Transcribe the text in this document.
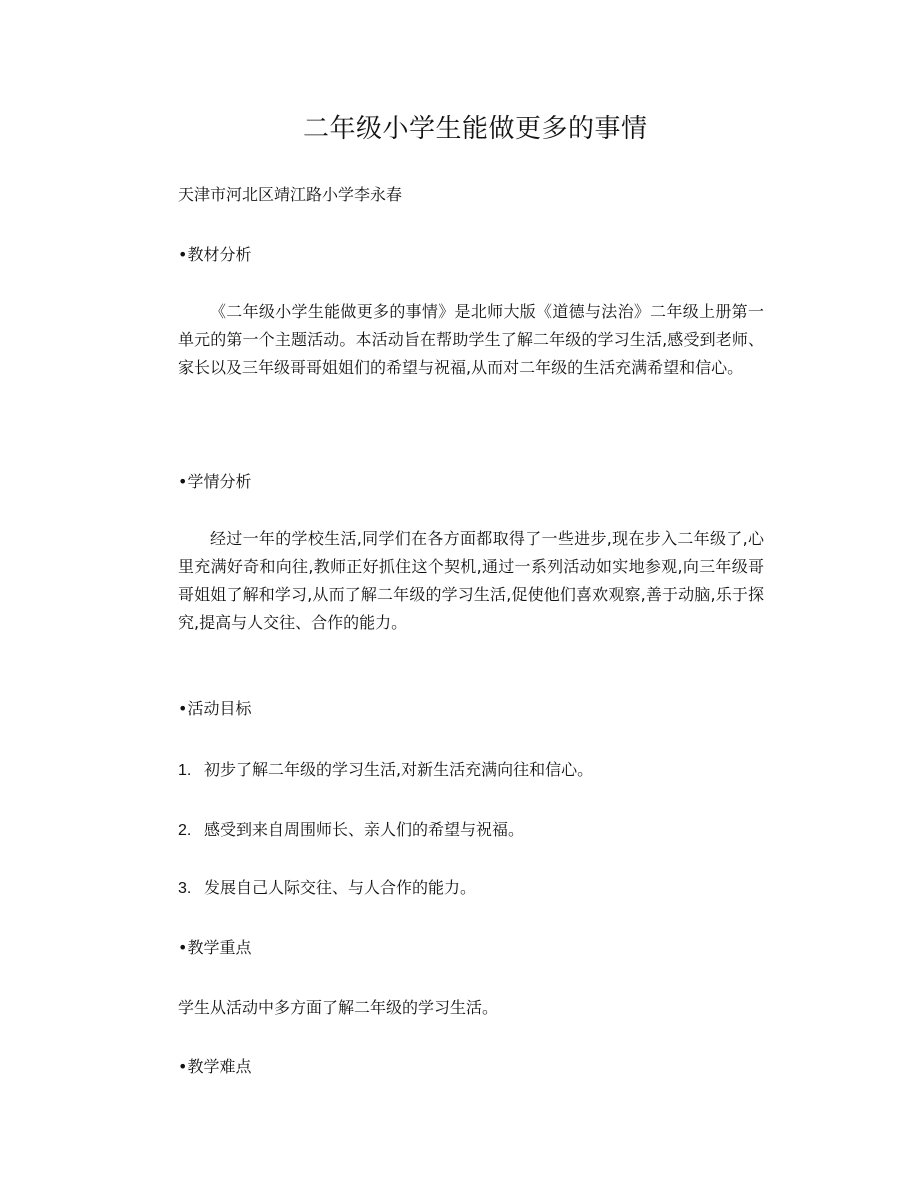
二年级小学生能做更多的事情
天津市河北区靖江路小学李永春
•教材分析
《二年级小学生能做更多的事情》是北师大版《道德与法治》二年级上册第一单元的第一个主题活动。本活动旨在帮助学生了解二年级的学习生活,感受到老师、家长以及三年级哥哥姐姐们的希望与祝福,从而对二年级的生活充满希望和信心。
•学情分析
经过一年的学校生活,同学们在各方面都取得了一些进步,现在步入二年级了,心里充满好奇和向往,教师正好抓住这个契机,通过一系列活动如实地参观,向三年级哥哥姐姐了解和学习,从而了解二年级的学习生活,促使他们喜欢观察,善于动脑,乐于探究,提高与人交往、合作的能力。
•活动目标
1. 初步了解二年级的学习生活,对新生活充满向往和信心。
2. 感受到来自周围师长、亲人们的希望与祝福。
3. 发展自己人际交往、与人合作的能力。
•教学重点
学生从活动中多方面了解二年级的学习生活。
•教学难点
